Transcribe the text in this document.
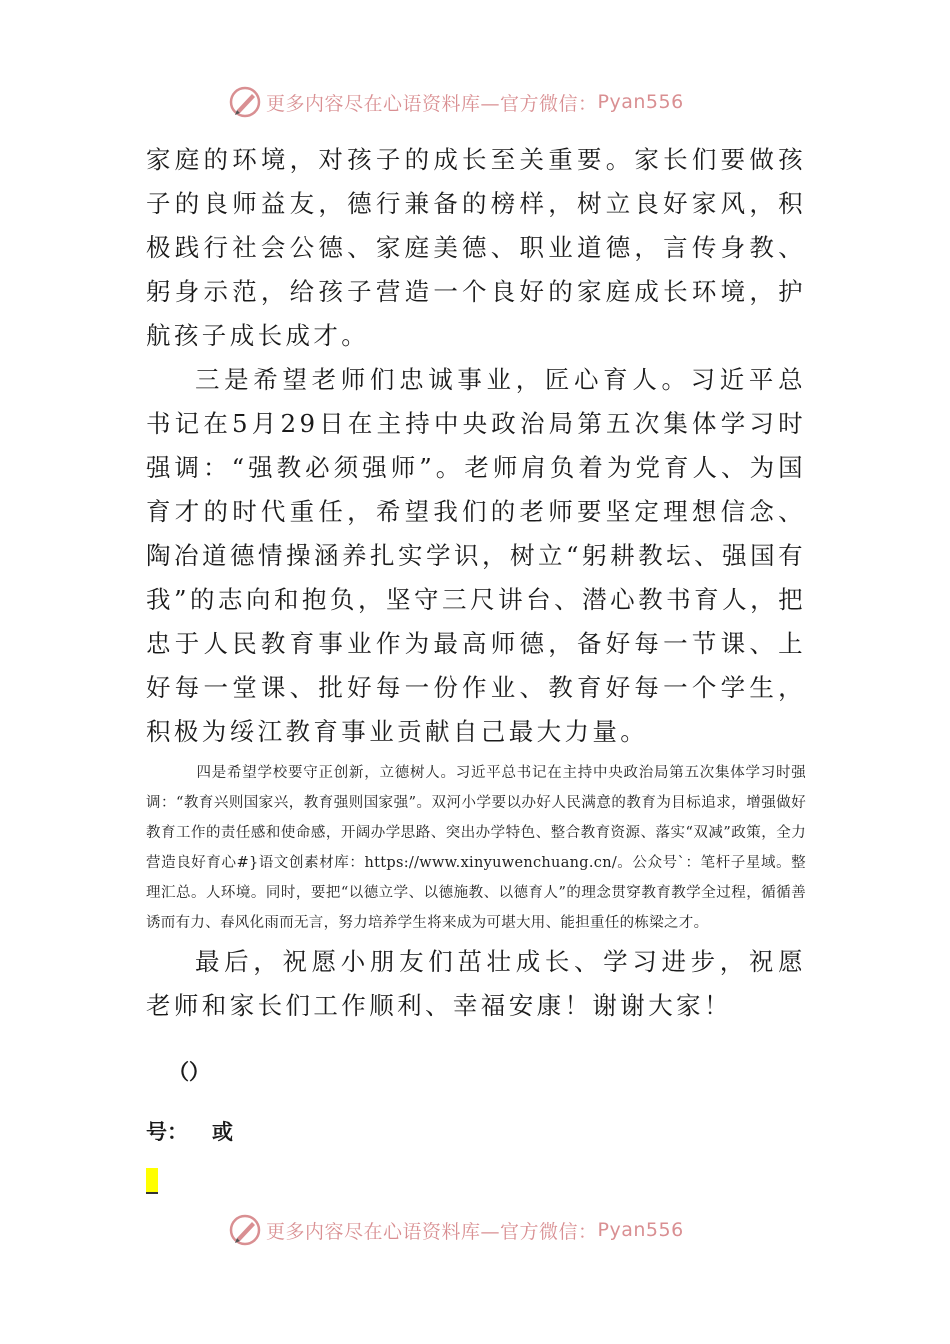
更多内容尽在心语资料库—官方微信： Pyan556

家庭的环境，对孩子的成长至关重要。家长们要做孩子的良师益友，德行兼备的榜样，树立良好家风，积极践行社会公德、家庭美德、职业道德，言传身教、躬身示范，给孩子营造一个良好的家庭成长环境，护航孩子成长成才。

三是希望老师们忠诚事业，匠心育人。习近平总书记在5月29日在主持中央政治局第五次集体学习时强调：“强教必须强师”。老师肩负着为党育人、为国育才的时代重任，希望我们的老师要坚定理想信念、陶冶道德情操涵养扎实学识，树立“躬耕教坛、强国有我”的志向和抱负，坚守三尺讲台、潜心教书育人，把忠于人民教育事业作为最高师德，备好每一节课、上好每一堂课、批好每一份作业、教育好每一个学生，积极为绥江教育事业贡献自己最大力量。

四是希望学校要守正创新，立德树人。习近平总书记在主持中央政治局第五次集体学习时强调：“教育兴则国家兴，教育强则国家强”。双河小学要以办好人民满意的教育为目标追求，增强做好教育工作的责任感和使命感，开阔办学思路、突出办学特色、整合教育资源、落实“双减”政策，全力营造良好育心#}语文创素材库：https://www.xinyuwenchuang.cn/。公众号`：笔杆子星域。整理汇总。人环境。同时，要把“以德立学、以德施教、以德育人”的理念贯穿教育教学全过程，循循善诱而有力、春风化雨而无言，努力培养学生将来成为可堪大用、能担重任的栋梁之才。

最后，祝愿小朋友们茁壮成长、学习进步，祝愿老师和家长们工作顺利、幸福安康！谢谢大家！

（）

号： 或

更多内容尽在心语资料库—官方微信： Pyan556
